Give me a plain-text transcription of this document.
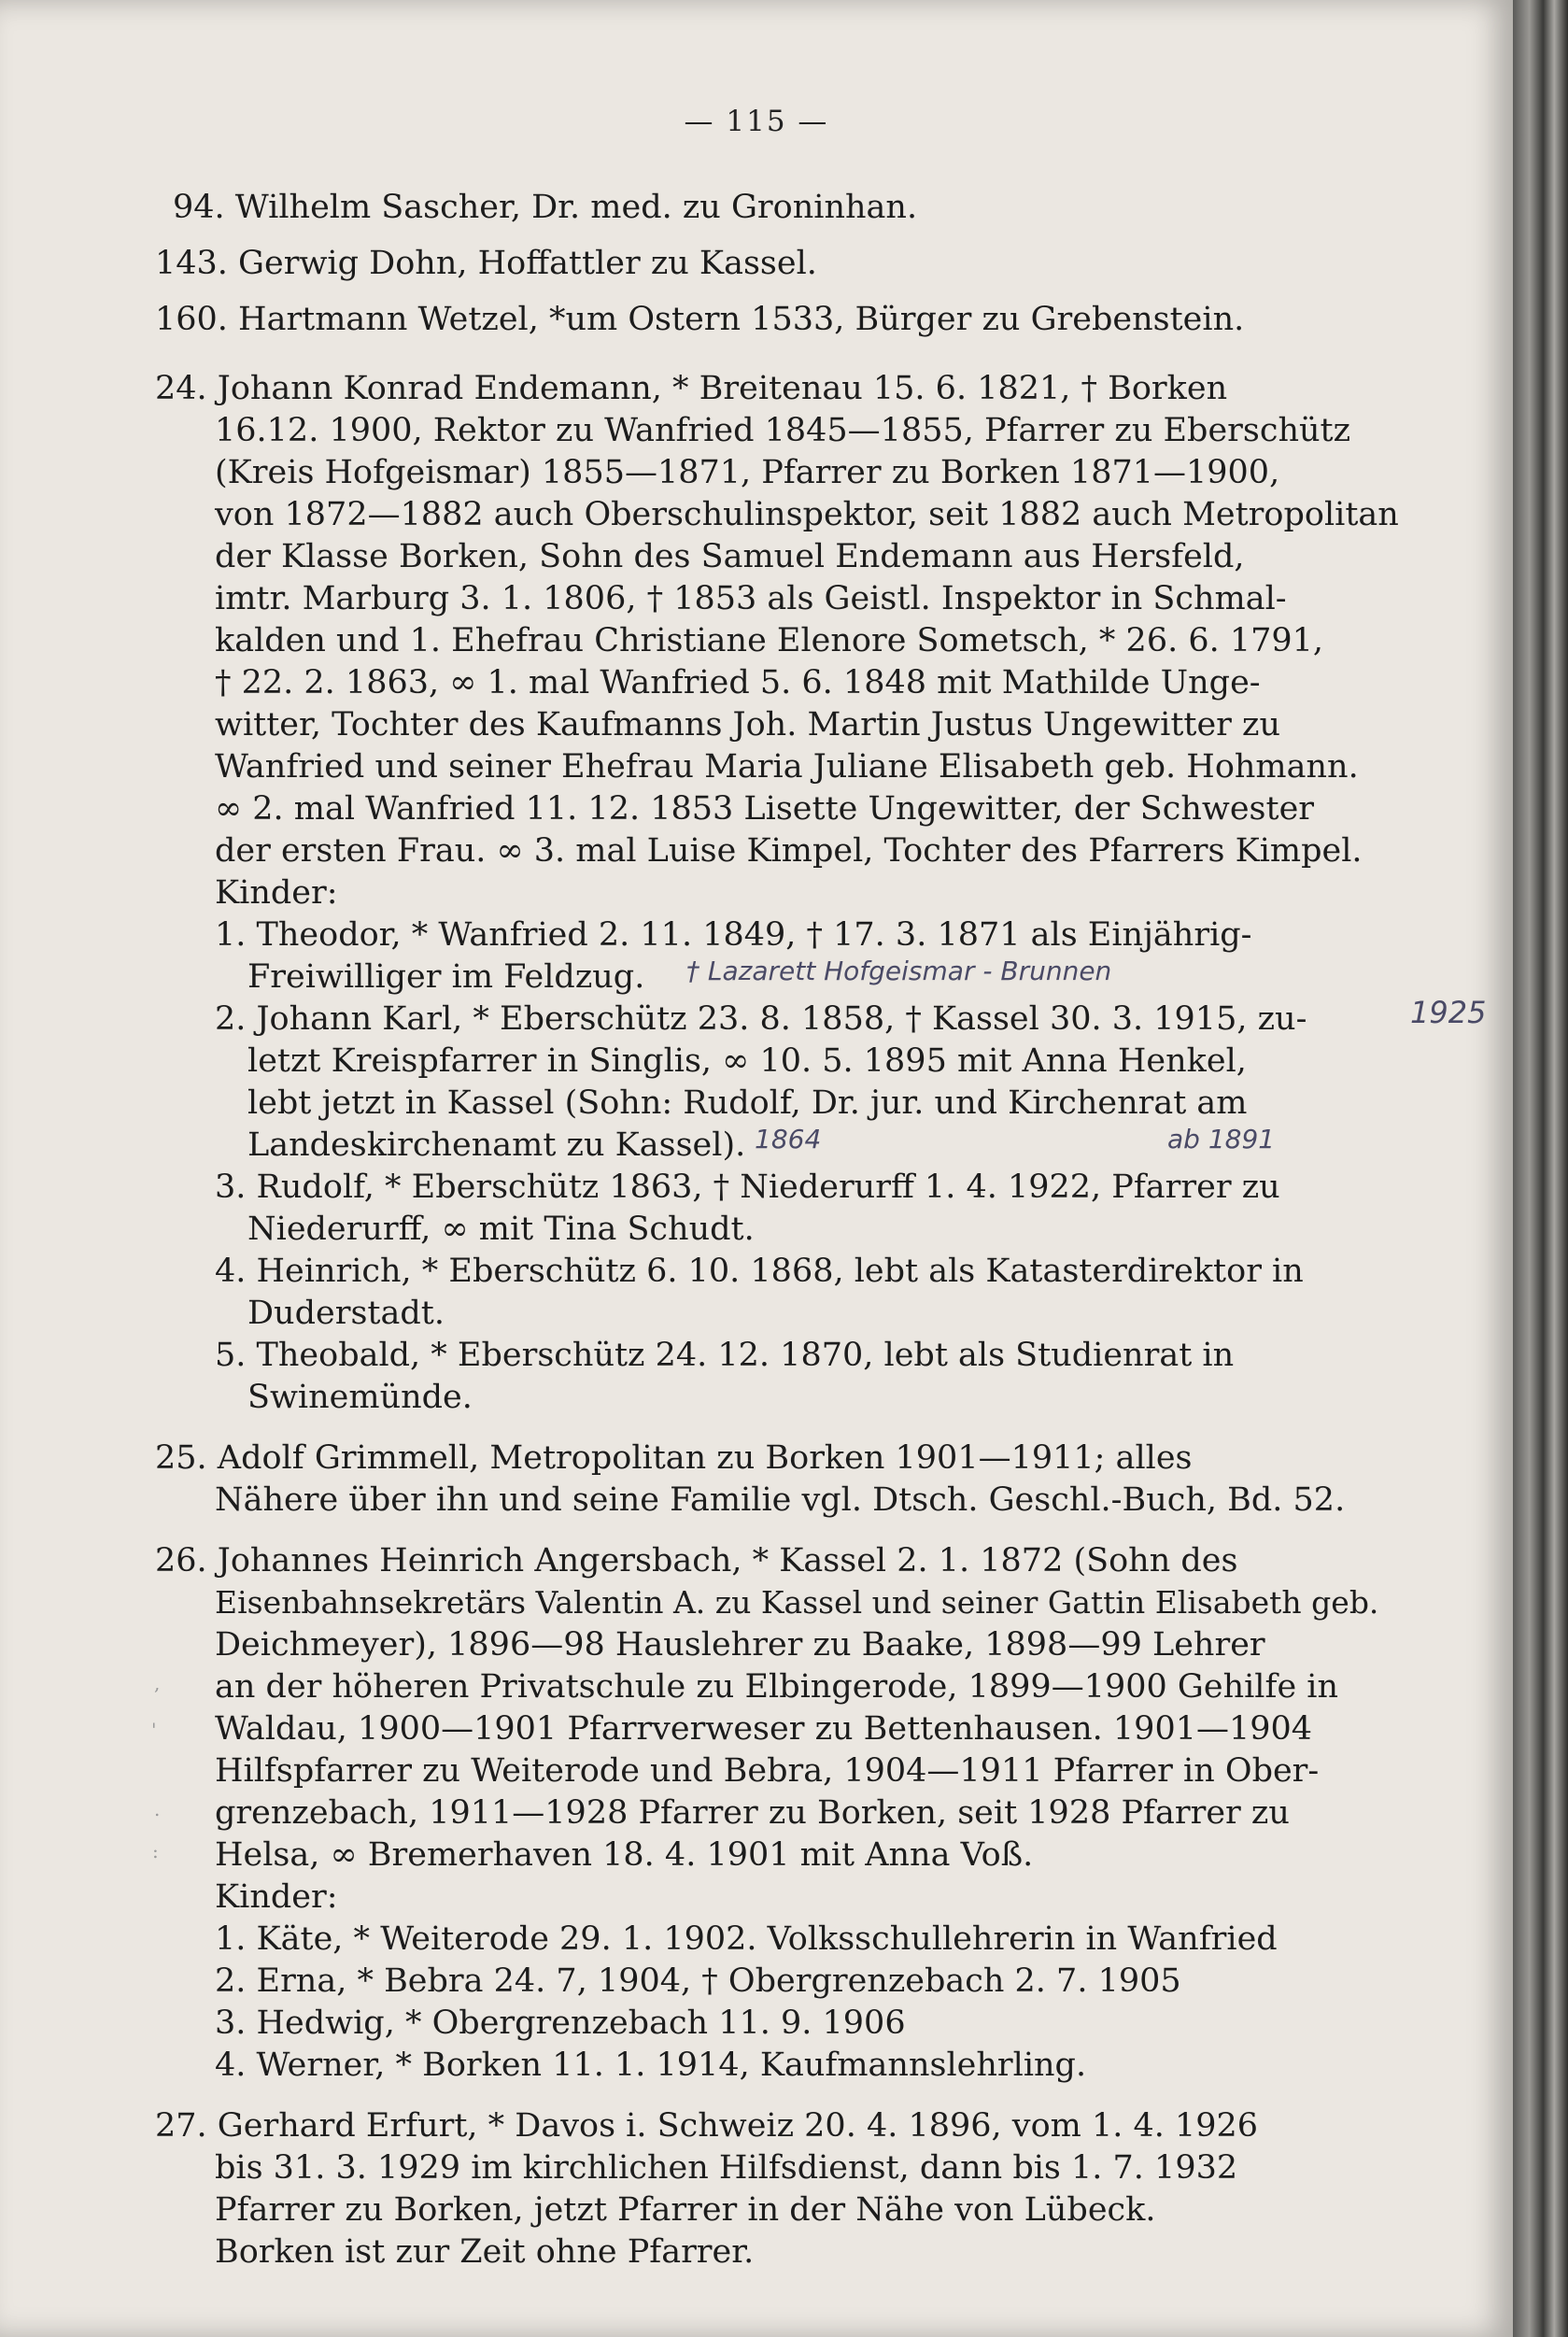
— 115 —
94. Wilhelm Sascher, Dr. med. zu Groninhan.
143. Gerwig Dohn, Hoffattler zu Kassel.
160. Hartmann Wetzel, *um Ostern 1533, Bürger zu Grebenstein.
24. Johann Konrad Endemann, * Breitenau 15. 6. 1821, † Borken
16.12. 1900, Rektor zu Wanfried 1845—1855, Pfarrer zu Eberschütz
(Kreis Hofgeismar) 1855—1871, Pfarrer zu Borken 1871—1900,
von 1872—1882 auch Oberschulinspektor, seit 1882 auch Metropolitan
der Klasse Borken, Sohn des Samuel Endemann aus Hersfeld,
imtr. Marburg 3. 1. 1806, † 1853 als Geistl. Inspektor in Schmal-
kalden und 1. Ehefrau Christiane Elenore Sometsch, * 26. 6. 1791,
† 22. 2. 1863, ∞ 1. mal Wanfried 5. 6. 1848 mit Mathilde Unge-
witter, Tochter des Kaufmanns Joh. Martin Justus Ungewitter zu
Wanfried und seiner Ehefrau Maria Juliane Elisabeth geb. Hohmann.
∞ 2. mal Wanfried 11. 12. 1853 Lisette Ungewitter, der Schwester
der ersten Frau. ∞ 3. mal Luise Kimpel, Tochter des Pfarrers Kimpel.
Kinder:
1. Theodor, * Wanfried 2. 11. 1849, † 17. 3. 1871 als Einjährig-
Freiwilliger im Feldzug. † Lazarett Hofgeismar - Brunnen
2. Johann Karl, * Eberschütz 23. 8. 1858, † Kassel 30. 3. 1915, zu-	1925
letzt Kreispfarrer in Singlis, ∞ 10. 5. 1895 mit Anna Henkel,
lebt jetzt in Kassel (Sohn: Rudolf, Dr. jur. und Kirchenrat am
Landeskirchenamt zu Kassel). 1864	ab 1891
3. Rudolf, * Eberschütz 1863, † Niederurff 1. 4. 1922, Pfarrer zu
Niederurff, ∞ mit Tina Schudt.
4. Heinrich, * Eberschütz 6. 10. 1868, lebt als Katasterdirektor in
Duderstadt.
5. Theobald, * Eberschütz 24. 12. 1870, lebt als Studienrat in
Swinemünde.
25. Adolf Grimmell, Metropolitan zu Borken 1901—1911; alles
Nähere über ihn und seine Familie vgl. Dtsch. Geschl.-Buch, Bd. 52.
26. Johannes Heinrich Angersbach, * Kassel 2. 1. 1872 (Sohn des
Eisenbahnsekretärs Valentin A. zu Kassel und seiner Gattin Elisabeth geb.
Deichmeyer), 1896—98 Hauslehrer zu Baake, 1898—99 Lehrer
an der höheren Privatschule zu Elbingerode, 1899—1900 Gehilfe in
Waldau, 1900—1901 Pfarrverweser zu Bettenhausen. 1901—1904
Hilfspfarrer zu Weiterode und Bebra, 1904—1911 Pfarrer in Ober-
grenzebach, 1911—1928 Pfarrer zu Borken, seit 1928 Pfarrer zu
Helsa, ∞ Bremerhaven 18. 4. 1901 mit Anna Voß.
Kinder:
1. Käte, * Weiterode 29. 1. 1902. Volksschullehrerin in Wanfried
2. Erna, * Bebra 24. 7, 1904, † Obergrenzebach 2. 7. 1905
3. Hedwig, * Obergrenzebach 11. 9. 1906
4. Werner, * Borken 11. 1. 1914, Kaufmannslehrling.
27. Gerhard Erfurt, * Davos i. Schweiz 20. 4. 1896, vom 1. 4. 1926
bis 31. 3. 1929 im kirchlichen Hilfsdienst, dann bis 1. 7. 1932
Pfarrer zu Borken, jetzt Pfarrer in der Nähe von Lübeck.
Borken ist zur Zeit ohne Pfarrer.
,
'
.
:
